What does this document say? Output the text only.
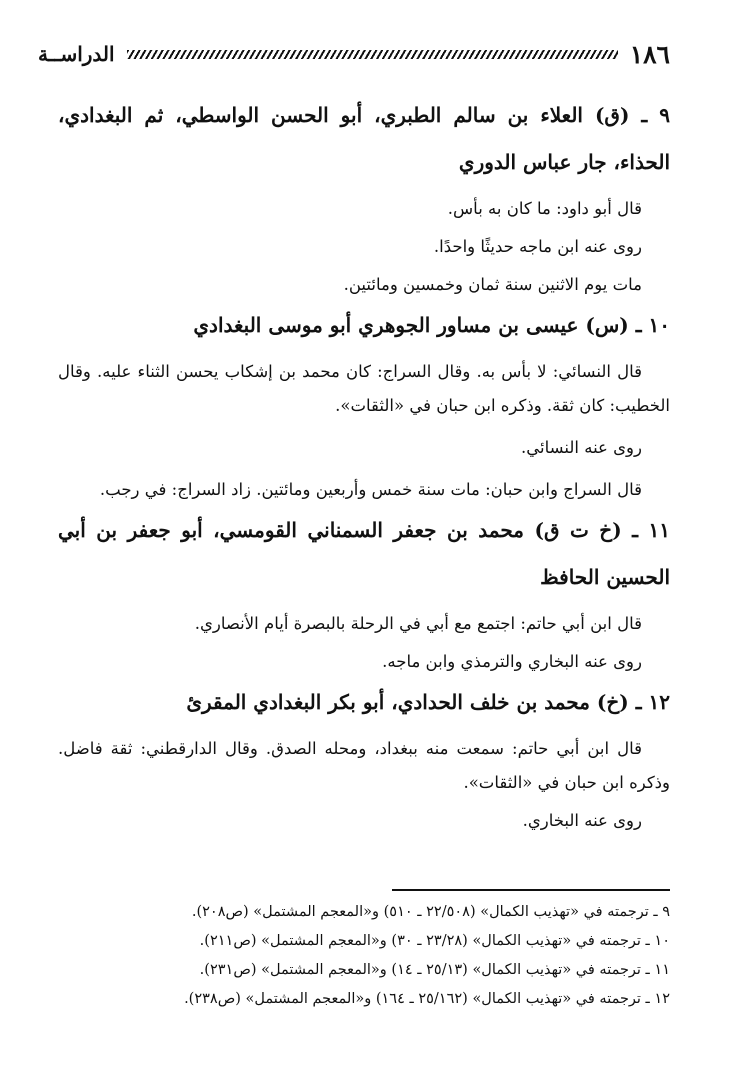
١٨٦
الدراســة

٩ ـ (ق) العلاء بن سالم الطبري، أبو الحسن الواسطي، ثم البغدادي، الحذاء، جار عباس الدوري

قال أبو داود: ما كان به بأس.

روى عنه ابن ماجه حديثًا واحدًا.

مات يوم الاثنين سنة ثمان وخمسين ومائتين.

١٠ ـ (س) عيسى بن مساور الجوهري أبو موسى البغدادي

قال النسائي: لا بأس به. وقال السراج: كان محمد بن إشكاب يحسن الثناء عليه. وقال الخطيب: كان ثقة. وذكره ابن حبان في «الثقات».

روى عنه النسائي.

قال السراج وابن حبان: مات سنة خمس وأربعين ومائتين. زاد السراج: في رجب.

١١ ـ (خ ت ق) محمد بن جعفر السمناني القومسي، أبو جعفر بن أبي الحسين الحافظ

قال ابن أبي حاتم: اجتمع مع أبي في الرحلة بالبصرة أيام الأنصاري.

روى عنه البخاري والترمذي وابن ماجه.

١٢ ـ (خ) محمد بن خلف الحدادي، أبو بكر البغدادي المقرئ

قال ابن أبي حاتم: سمعت منه ببغداد، ومحله الصدق. وقال الدارقطني: ثقة فاضل. وذكره ابن حبان في «الثقات».

روى عنه البخاري.

٩ ـ ترجمته في «تهذيب الكمال» (٢٢/٥٠٨ ـ ٥١٠) و«المعجم المشتمل» (ص٢٠٨).

١٠ ـ ترجمته في «تهذيب الكمال» (٢٣/٢٨ ـ ٣٠) و«المعجم المشتمل» (ص٢١١).

١١ ـ ترجمته في «تهذيب الكمال» (٢٥/١٣ ـ ١٤) و«المعجم المشتمل» (ص٢٣١).

١٢ ـ ترجمته في «تهذيب الكمال» (٢٥/١٦٢ ـ ١٦٤) و«المعجم المشتمل» (ص٢٣٨).
